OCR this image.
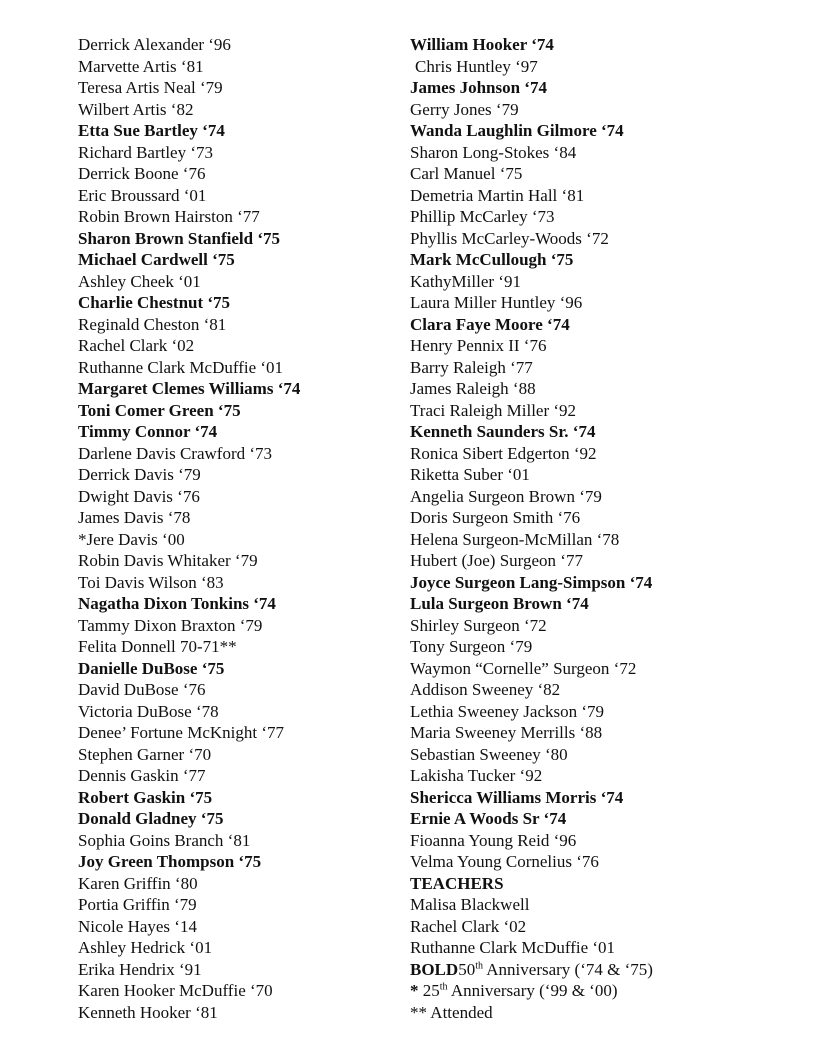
Derrick Alexander ‘96
Marvette Artis ‘81
Teresa Artis Neal ‘79
Wilbert Artis ‘82
Etta Sue Bartley ‘74
Richard Bartley ‘73
Derrick Boone ‘76
Eric Broussard ‘01
Robin Brown Hairston ‘77
Sharon Brown Stanfield ‘75
Michael Cardwell ‘75
Ashley Cheek ‘01
Charlie Chestnut ‘75
Reginald Cheston ‘81
Rachel Clark ‘02
Ruthanne Clark McDuffie ‘01
Margaret Clemes Williams ‘74
Toni Comer Green ‘75
Timmy Connor ‘74
Darlene Davis Crawford ‘73
Derrick Davis ‘79
Dwight Davis ‘76
James Davis ‘78
*Jere Davis ‘00
Robin Davis Whitaker ‘79
Toi Davis Wilson ‘83
Nagatha Dixon Tonkins ‘74
Tammy Dixon Braxton ‘79
Felita Donnell 70-71**
Danielle DuBose ‘75
David DuBose ‘76
Victoria DuBose ‘78
Denee’ Fortune McKnight ‘77
Stephen Garner ‘70
Dennis Gaskin ‘77
Robert Gaskin ‘75
Donald Gladney ‘75
Sophia Goins Branch ‘81
Joy Green Thompson ‘75
Karen Griffin ‘80
Portia Griffin ‘79
Nicole Hayes ‘14
Ashley Hedrick ‘01
Erika Hendrix ‘91
Karen Hooker McDuffie ‘70
Kenneth Hooker ‘81
William Hooker ‘74
Chris Huntley ‘97
James Johnson ‘74
Gerry Jones ‘79
Wanda Laughlin Gilmore ‘74
Sharon Long-Stokes ‘84
Carl Manuel ‘75
Demetria Martin Hall ‘81
Phillip McCarley ‘73
Phyllis McCarley-Woods ‘72
Mark McCullough ‘75
KathyMiller ‘91
Laura Miller Huntley ‘96
Clara Faye Moore ‘74
Henry Pennix II ‘76
Barry Raleigh ‘77
James Raleigh ‘88
Traci Raleigh Miller ‘92
Kenneth Saunders Sr. ‘74
Ronica Sibert Edgerton ‘92
Riketta Suber ‘01
Angelia Surgeon Brown ‘79
Doris Surgeon Smith ‘76
Helena Surgeon-McMillan ‘78
Hubert (Joe) Surgeon ‘77
Joyce Surgeon Lang-Simpson ‘74
Lula Surgeon Brown ‘74
Shirley Surgeon ‘72
Tony Surgeon ‘79
Waymon “Cornelle” Surgeon ‘72
Addison Sweeney ‘82
Lethia Sweeney Jackson ‘79
Maria Sweeney Merrills ‘88
Sebastian Sweeney ‘80
Lakisha Tucker ‘92
Shericca Williams Morris ‘74
Ernie A Woods Sr ‘74
Fioanna Young Reid ‘96
Velma Young Cornelius ‘76
TEACHERS
Malisa Blackwell
Rachel Clark ‘02
Ruthanne Clark McDuffie ‘01
BOLD50th Anniversary (‘74 & ‘75)
* 25th Anniversary (‘99 & ‘00)
** Attended
